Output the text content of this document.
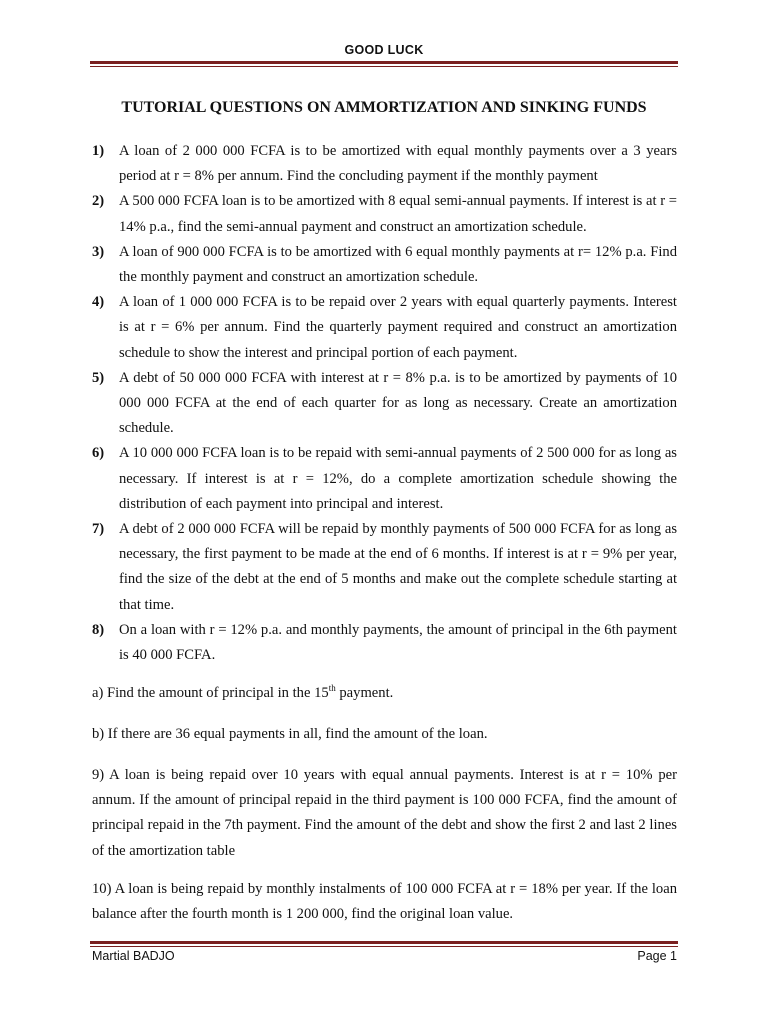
GOOD LUCK
TUTORIAL QUESTIONS ON AMMORTIZATION AND SINKING FUNDS
1) A loan of 2 000 000 FCFA is to be amortized with equal monthly payments over a 3 years period at r = 8% per annum. Find the concluding payment if the monthly payment
2) A 500 000 FCFA loan is to be amortized with 8 equal semi-annual payments. If interest is at r = 14% p.a., find the semi-annual payment and construct an amortization schedule.
3) A loan of 900 000 FCFA is to be amortized with 6 equal monthly payments at r= 12% p.a. Find the monthly payment and construct an amortization schedule.
4) A loan of 1 000 000 FCFA is to be repaid over 2 years with equal quarterly payments. Interest is at r = 6% per annum. Find the quarterly payment required and construct an amortization schedule to show the interest and principal portion of each payment.
5) A debt of 50 000 000 FCFA with interest at r = 8% p.a. is to be amortized by payments of 10 000 000 FCFA at the end of each quarter for as long as necessary. Create an amortization schedule.
6) A 10 000 000 FCFA loan is to be repaid with semi-annual payments of 2 500 000 for as long as necessary. If interest is at r = 12%, do a complete amortization schedule showing the distribution of each payment into principal and interest.
7) A debt of 2 000 000 FCFA will be repaid by monthly payments of 500 000 FCFA for as long as necessary, the first payment to be made at the end of 6 months. If interest is at r = 9% per year, find the size of the debt at the end of 5 months and make out the complete schedule starting at that time.
8) On a loan with r = 12% p.a. and monthly payments, the amount of principal in the 6th payment is 40 000 FCFA.
a) Find the amount of principal in the 15th payment.
b) If there are 36 equal payments in all, find the amount of the loan.
9) A loan is being repaid over 10 years with equal annual payments. Interest is at r = 10% per annum. If the amount of principal repaid in the third payment is 100 000 FCFA, find the amount of principal repaid in the 7th payment. Find the amount of the debt and show the first 2 and last 2 lines of the amortization table
10) A loan is being repaid by monthly instalments of 100 000 FCFA at r = 18% per year. If the loan balance after the fourth month is 1 200 000, find the original loan value.
Martial BADJO	Page 1
